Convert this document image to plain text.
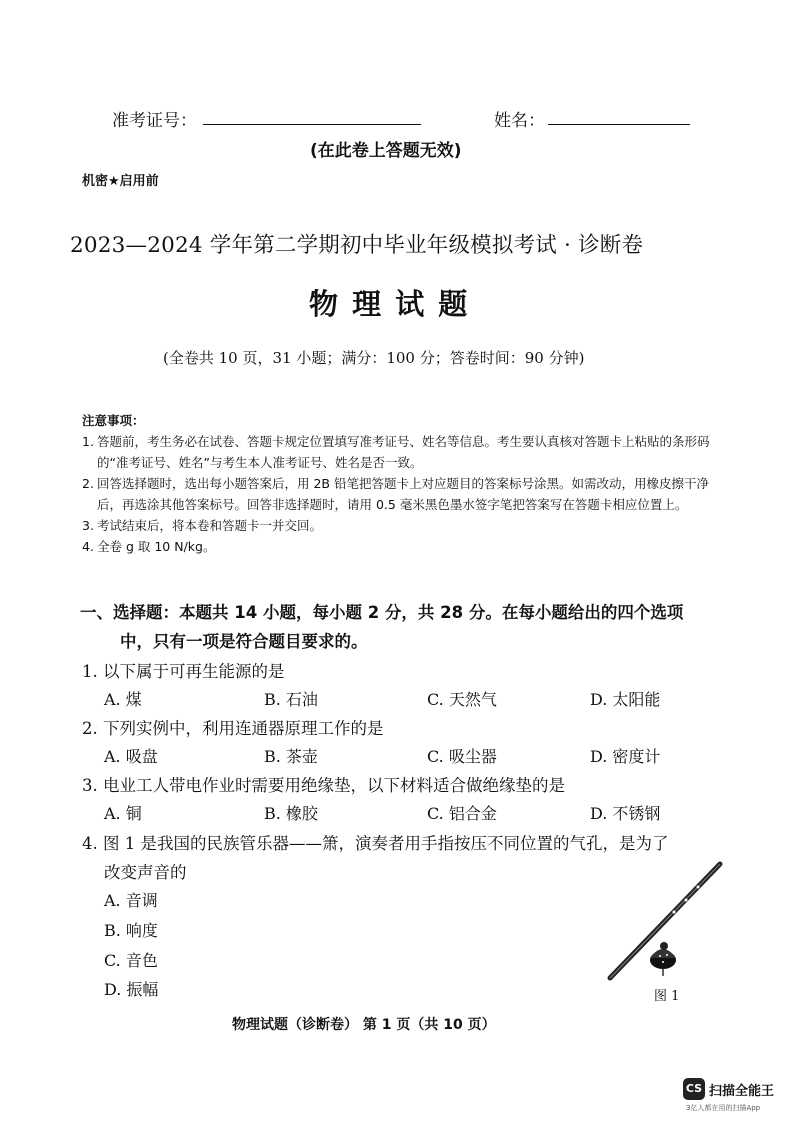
准考证号：	姓名：
(在此卷上答题无效)
机密★启用前
2023—2024 学年第二学期初中毕业年级模拟考试 · 诊断卷
物 理 试 题
(全卷共 10 页，31 小题；满分：100 分；答卷时间：90 分钟)
注意事项：
1. 答题前，考生务必在试卷、答题卡规定位置填写准考证号、姓名等信息。考生要认真核对答题卡上粘贴的条形码的“准考证号、姓名”与考生本人准考证号、姓名是否一致。
2. 回答选择题时，选出每小题答案后，用 2B 铅笔把答题卡上对应题目的答案标号涂黑。如需改动，用橡皮擦干净后，再选涂其他答案标号。回答非选择题时，请用 0.5 毫米黑色墨水签字笔把答案写在答题卡相应位置上。
3. 考试结束后，将本卷和答题卡一并交回。
4. 全卷 g 取 10 N/kg。
一、选择题：本题共 14 小题，每小题 2 分，共 28 分。在每小题给出的四个选项
中，只有一项是符合题目要求的。
1. 以下属于可再生能源的是
A. 煤	B. 石油	C. 天然气	D. 太阳能
2. 下列实例中，利用连通器原理工作的是
A. 吸盘	B. 茶壶	C. 吸尘器	D. 密度计
3. 电业工人带电作业时需要用绝缘垫，以下材料适合做绝缘垫的是
A. 铜	B. 橡胶	C. 铝合金	D. 不锈钢
4. 图 1 是我国的民族管乐器——箫，演奏者用手指按压不同位置的气孔，是为了
改变声音的
A. 音调
B. 响度
C. 音色
D. 振幅	图 1
物理试题（诊断卷） 第 1 页（共 10 页）
CS 扫描全能王
3亿人都在用的扫描App
